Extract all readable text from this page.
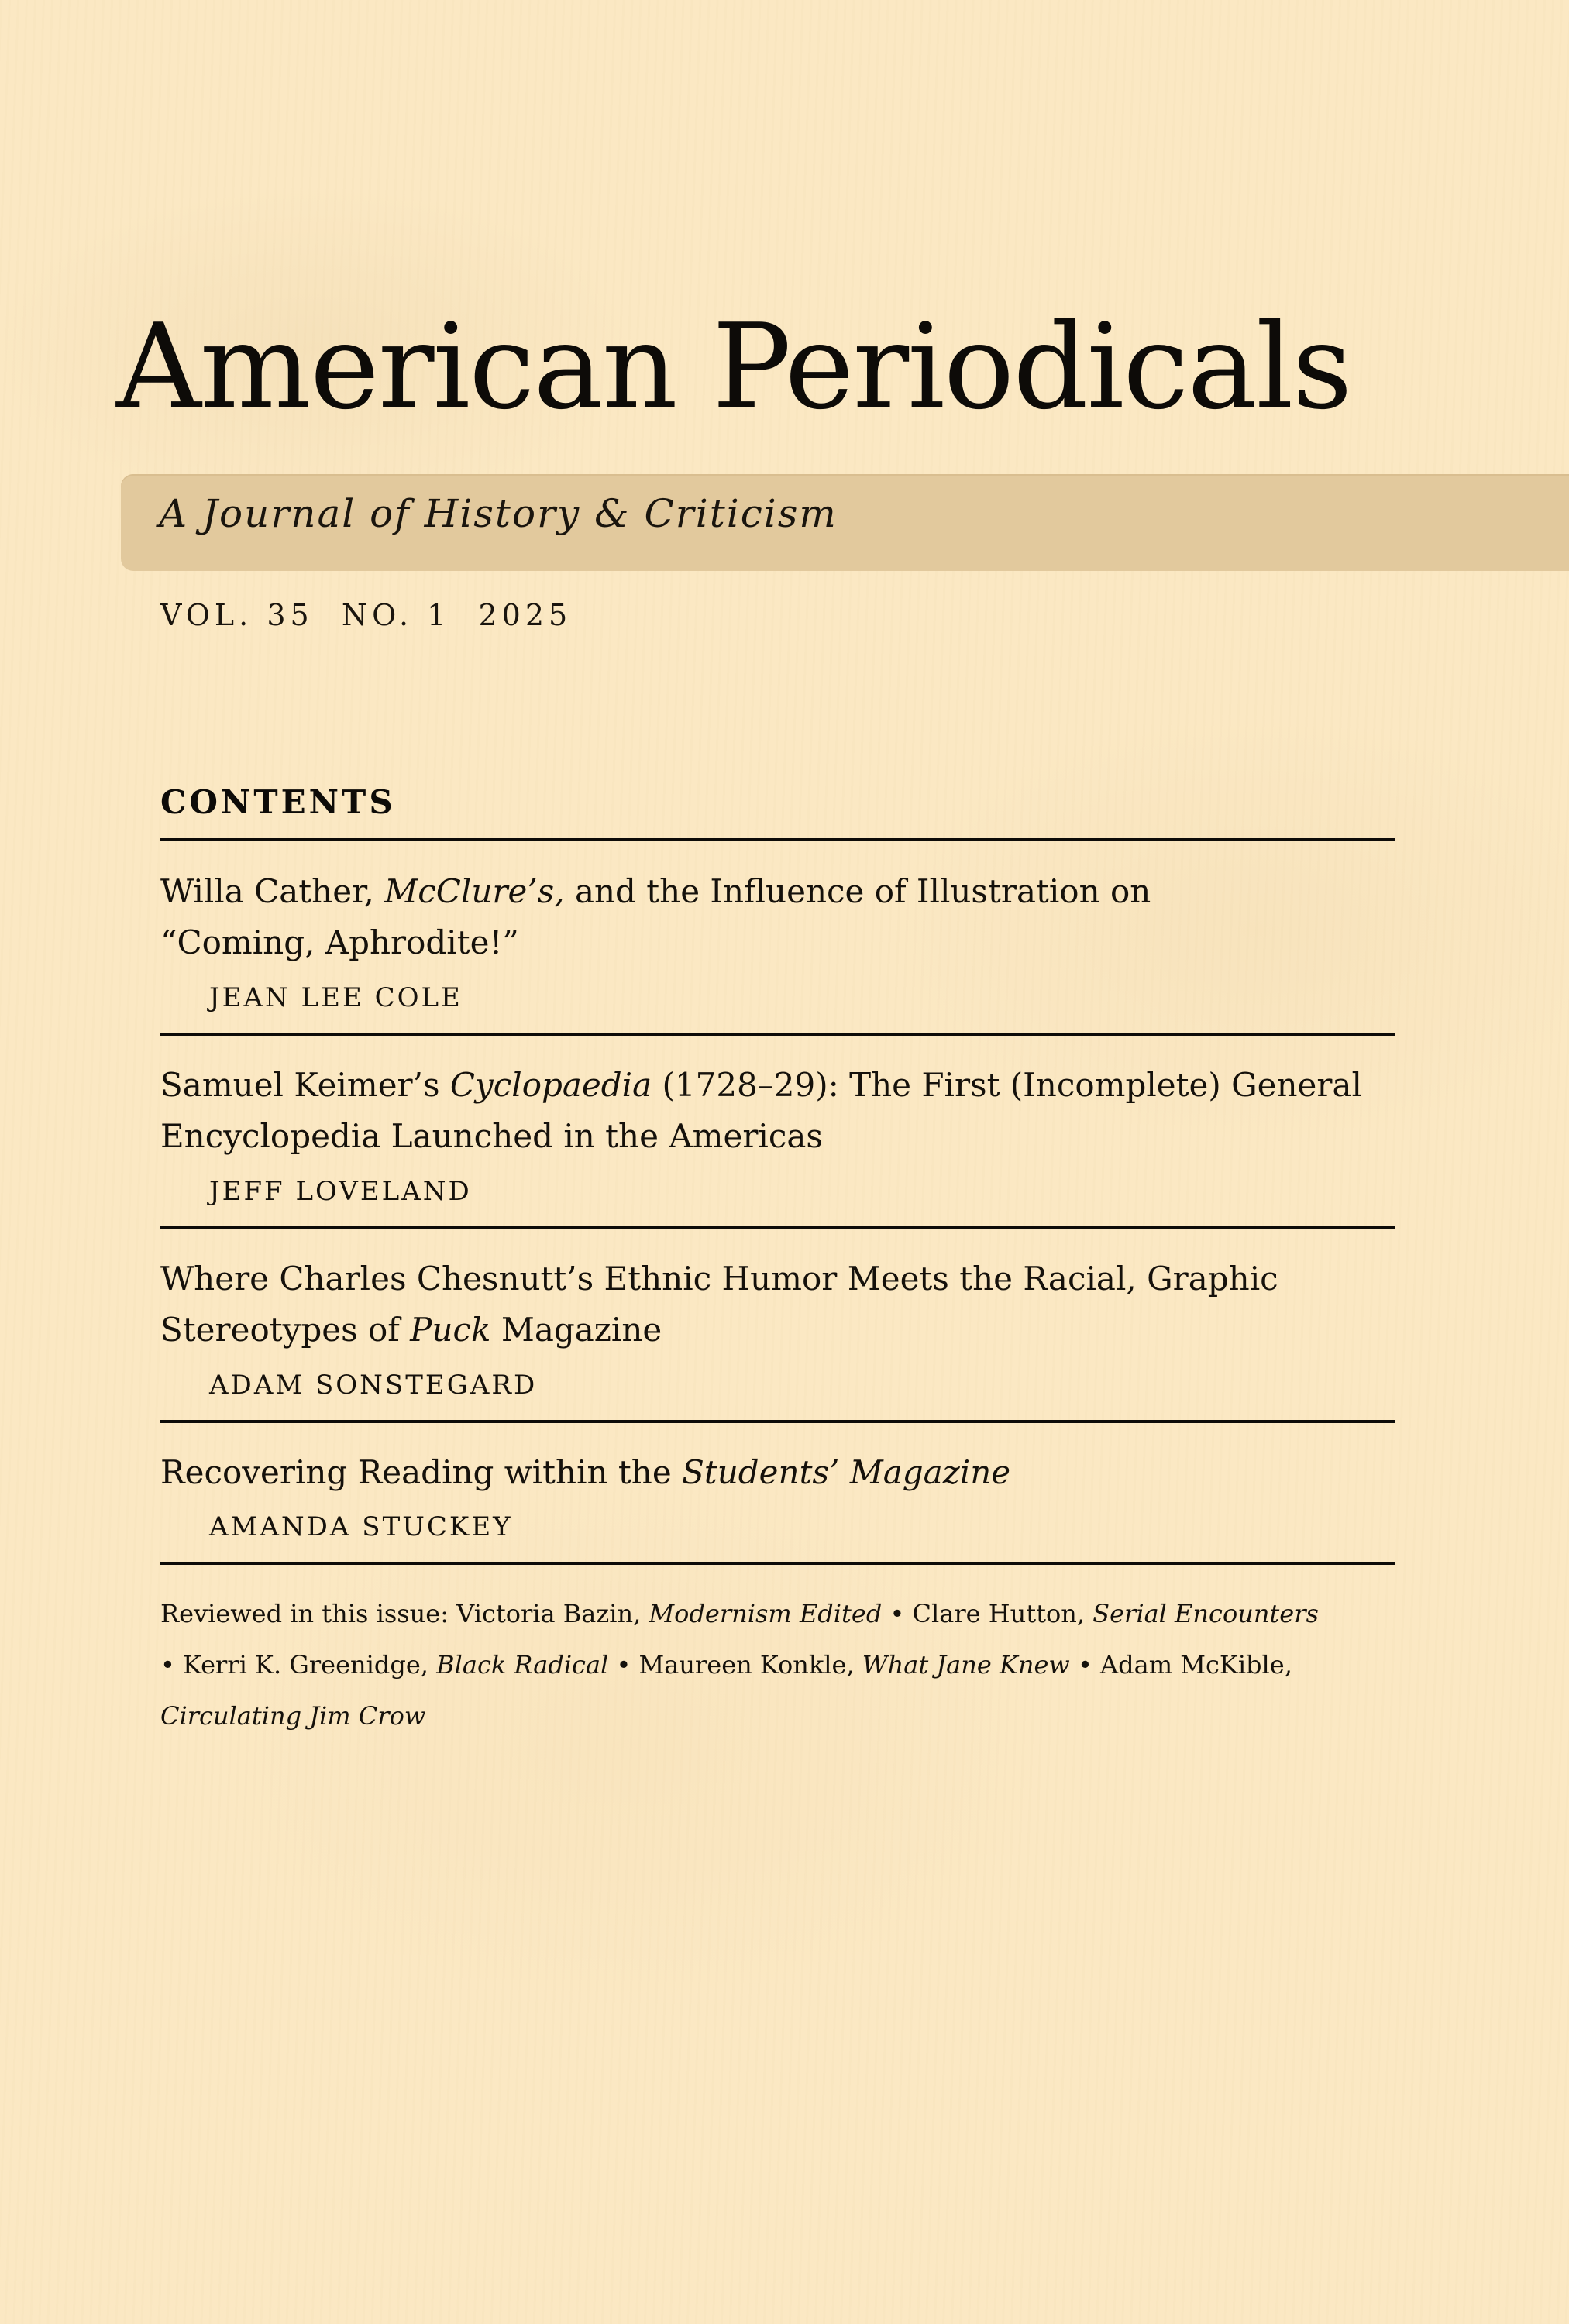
American Periodicals
A Journal of History & Criticism
VOL. 35  NO. 1  2025
CONTENTS
Willa Cather, McClure’s, and the Influence of Illustration on
“Coming, Aphrodite!”
JEAN LEE COLE
Samuel Keimer’s Cyclopaedia (1728–29): The First (Incomplete) General
Encyclopedia Launched in the Americas
JEFF LOVELAND
Where Charles Chesnutt’s Ethnic Humor Meets the Racial, Graphic
Stereotypes of Puck Magazine
ADAM SONSTEGARD
Recovering Reading within the Students’ Magazine
AMANDA STUCKEY
Reviewed in this issue: Victoria Bazin, Modernism Edited • Clare Hutton, Serial Encounters
• Kerri K. Greenidge, Black Radical • Maureen Konkle, What Jane Knew • Adam McKible,
Circulating Jim Crow
